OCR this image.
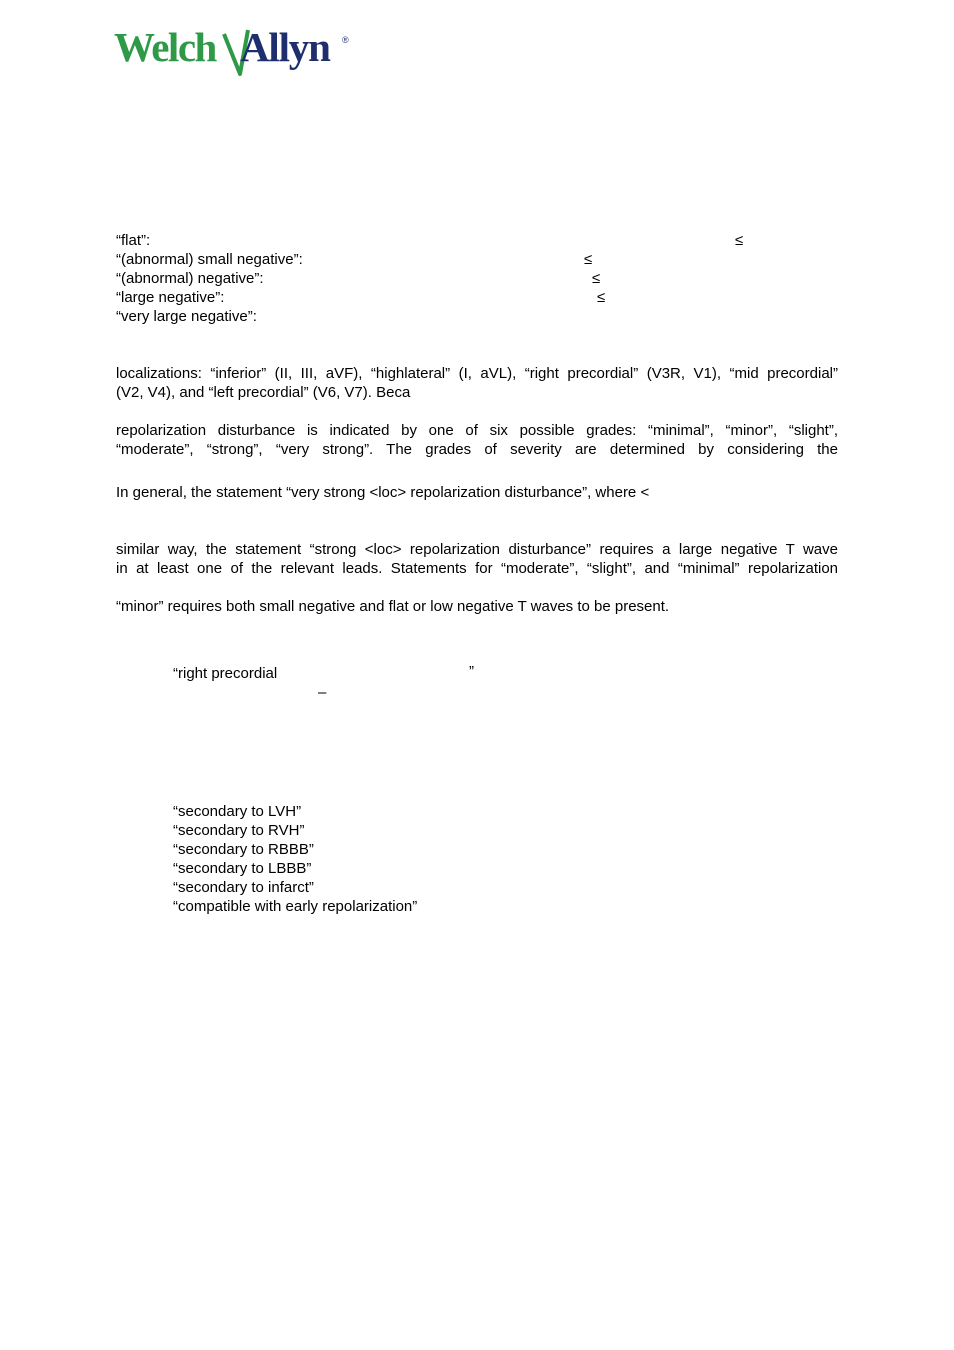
Welch Allyn ®
“flat”:	≤
“(abnormal) small negative”:	≤
“(abnormal) negative”:	≤
“large negative”:	≤
“very large negative”:
localizations: “inferior” (II, III, aVF), “highlateral” (I, aVL), “right precordial” (V3R, V1), “mid precordial”
(V2, V4), and “left precordial” (V6, V7). Beca
repolarization disturbance is indicated by one of six possible grades: “minimal”, “minor”, “slight”,
“moderate”, “strong”, “very strong”. The grades of severity are determined by considering the
In general, the statement “very strong <loc> repolarization disturbance”, where <
similar way, the statement “strong <loc> repolarization disturbance” requires a large negative T wave
in at least one of the relevant leads. Statements for “moderate”, “slight”, and “minimal” repolarization
“minor” requires both small negative and flat or low negative T waves to be present.
“right precordial	”
–
“secondary to LVH”
“secondary to RVH”
“secondary to RBBB”
“secondary to LBBB”
“secondary to infarct”
“compatible with early repolarization”
